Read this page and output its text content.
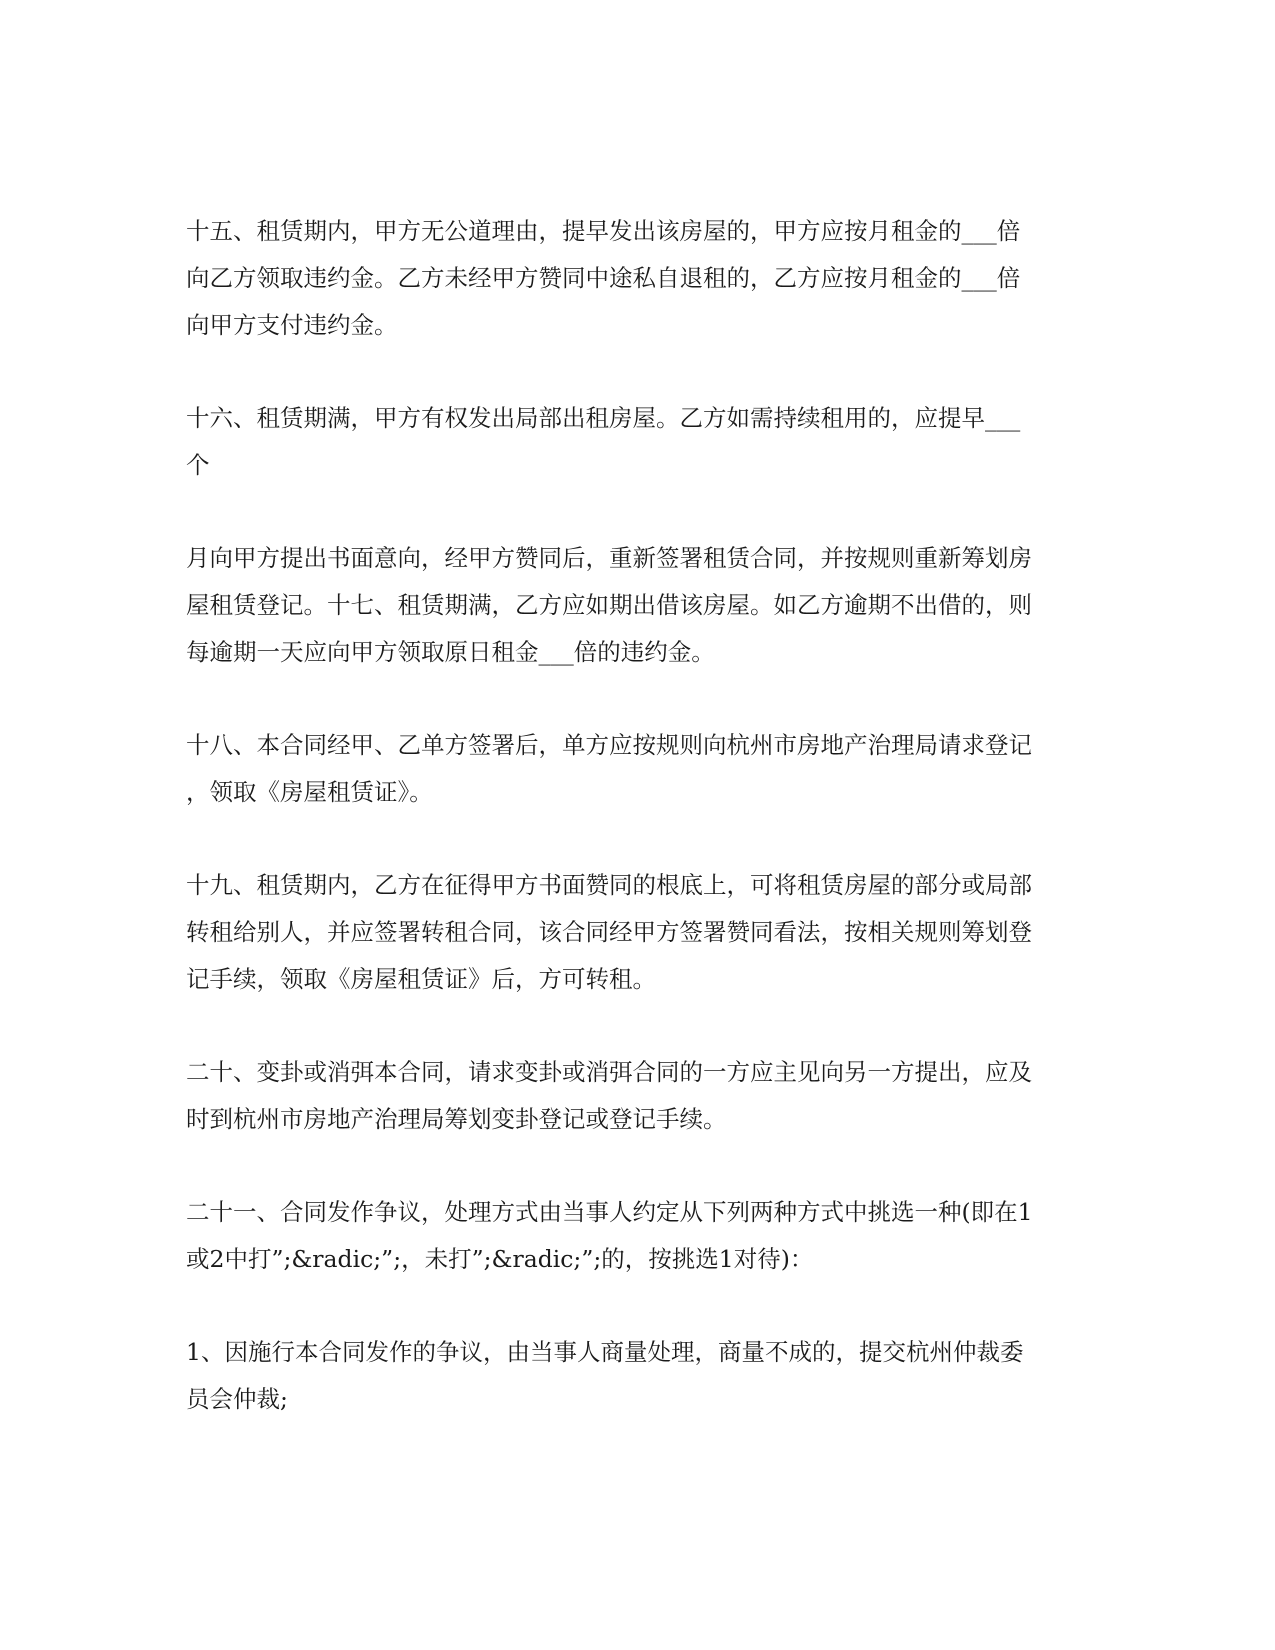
十五、租赁期内，甲方无公道理由，提早发出该房屋的，甲方应按月租金的___倍
向乙方领取违约金。乙方未经甲方赞同中途私自退租的，乙方应按月租金的___倍
向甲方支付违约金。
十六、租赁期满，甲方有权发出局部出租房屋。乙方如需持续租用的，应提早___
个
月向甲方提出书面意向，经甲方赞同后，重新签署租赁合同，并按规则重新筹划房
屋租赁登记。十七、租赁期满，乙方应如期出借该房屋。如乙方逾期不出借的，则
每逾期一天应向甲方领取原日租金___倍的违约金。
十八、本合同经甲、乙单方签署后，单方应按规则向杭州市房地产治理局请求登记
，领取《房屋租赁证》。
十九、租赁期内，乙方在征得甲方书面赞同的根底上，可将租赁房屋的部分或局部
转租给别人，并应签署转租合同，该合同经甲方签署赞同看法，按相关规则筹划登
记手续，领取《房屋租赁证》后，方可转租。
二十、变卦或消弭本合同，请求变卦或消弭合同的一方应主见向另一方提出，应及
时到杭州市房地产治理局筹划变卦登记或登记手续。
二十一、合同发作争议，处理方式由当事人约定从下列两种方式中挑选一种(即在1
或2中打”;&radic;”;，未打”;&radic;”;的，按挑选1对待)：
1、因施行本合同发作的争议，由当事人商量处理，商量不成的，提交杭州仲裁委
员会仲裁;
